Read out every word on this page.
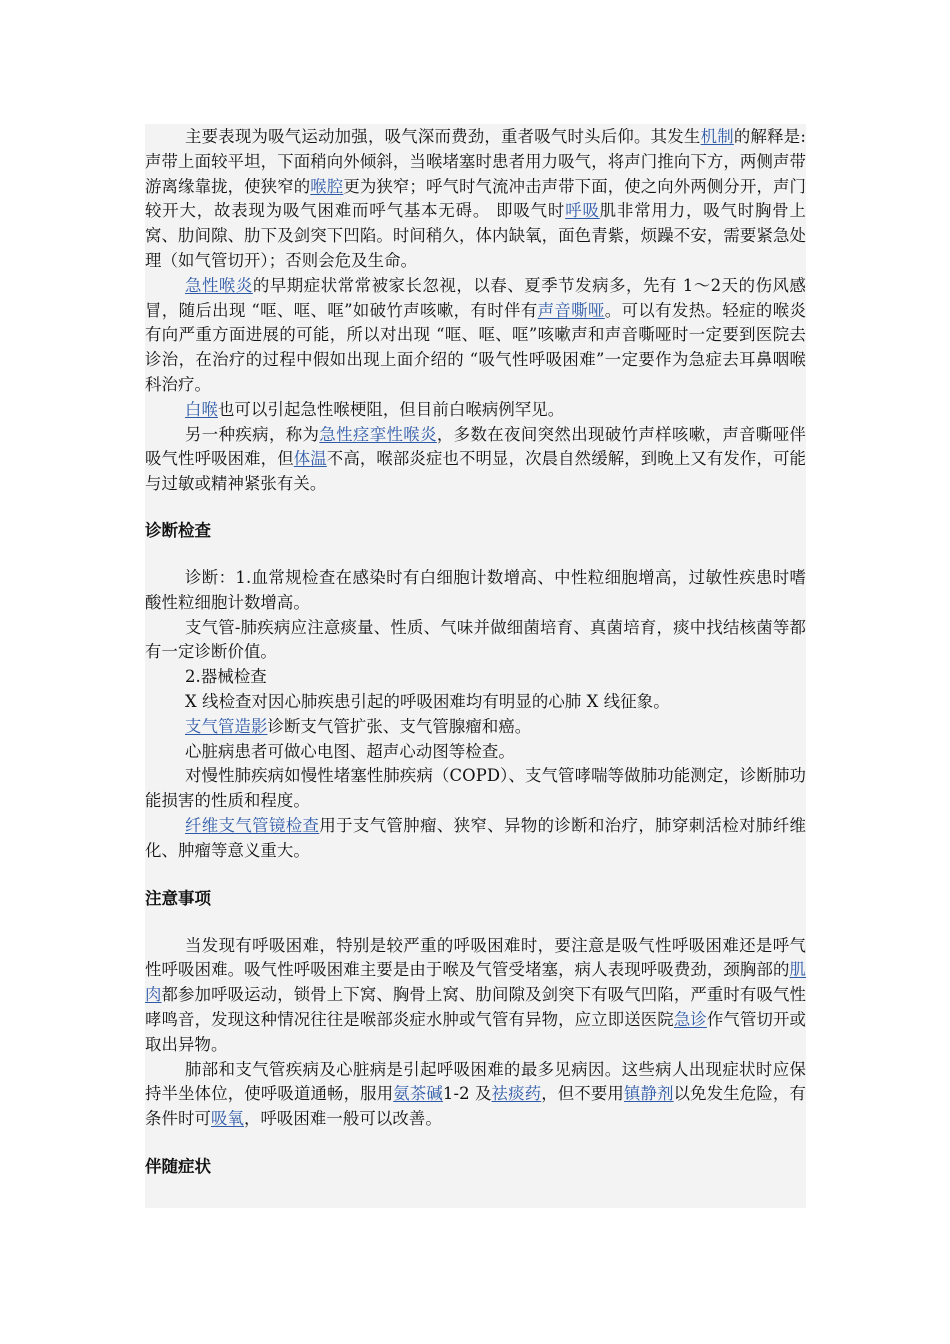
主要表现为吸气运动加强，吸气深而费劲，重者吸气时头后仰。其发生机制的解释是:声带上面较平坦，下面稍向外倾斜，当喉堵塞时患者用力吸气，将声门推向下方，两侧声带游离缘靠拢，使狭窄的喉腔更为狭窄；呼气时气流冲击声带下面，使之向外两侧分开，声门较开大，故表现为吸气困难而呼气基本无碍。 即吸气时呼吸肌非常用力，吸气时胸骨上窝、肋间隙、肋下及剑突下凹陷。时间稍久，体内缺氧，面色青紫，烦躁不安，需要紧急处理（如气管切开）；否则会危及生命。

急性喉炎的早期症状常常被家长忽视，以春、夏季节发病多，先有 1～2天的伤风感冒，随后出现 “哐、哐、哐”如破竹声咳嗽，有时伴有声音嘶哑。可以有发热。轻症的喉炎有向严重方面进展的可能，所以对出现 “哐、哐、哐”咳嗽声和声音嘶哑时一定要到医院去诊治，在治疗的过程中假如出现上面介绍的 “吸气性呼吸困难”一定要作为急症去耳鼻咽喉科治疗。

白喉也可以引起急性喉梗阻，但目前白喉病例罕见。

另一种疾病，称为急性痉挛性喉炎，多数在夜间突然出现破竹声样咳嗽，声音嘶哑伴吸气性呼吸困难，但体温不高，喉部炎症也不明显，次晨自然缓解，到晚上又有发作，可能与过敏或精神紧张有关。

诊断检查

诊断：1.血常规检查在感染时有白细胞计数增高、中性粒细胞增高，过敏性疾患时嗜酸性粒细胞计数增高。

支气管-肺疾病应注意痰量、性质、气味并做细菌培育、真菌培育，痰中找结核菌等都有一定诊断价值。

2.器械检查

X 线检查对因心肺疾患引起的呼吸困难均有明显的心肺 X 线征象。

支气管造影诊断支气管扩张、支气管腺瘤和癌。

心脏病患者可做心电图、超声心动图等检查。

对慢性肺疾病如慢性堵塞性肺疾病（COPD）、支气管哮喘等做肺功能测定，诊断肺功能损害的性质和程度。

纤维支气管镜检查用于支气管肿瘤、狭窄、异物的诊断和治疗，肺穿刺活检对肺纤维化、肿瘤等意义重大。

注意事项

当发现有呼吸困难，特别是较严重的呼吸困难时，要注意是吸气性呼吸困难还是呼气性呼吸困难。吸气性呼吸困难主要是由于喉及气管受堵塞，病人表现呼吸费劲，颈胸部的肌肉都参加呼吸运动，锁骨上下窝、胸骨上窝、肋间隙及剑突下有吸气凹陷，严重时有吸气性哮鸣音，发现这种情况往往是喉部炎症水肿或气管有异物，应立即送医院急诊作气管切开或取出异物。

肺部和支气管疾病及心脏病是引起呼吸困难的最多见病因。这些病人出现症状时应保持半坐体位，使呼吸道通畅，服用氨茶碱1-2 及祛痰药，但不要用镇静剂以免发生危险，有条件时可吸氧，呼吸困难一般可以改善。

伴随症状
